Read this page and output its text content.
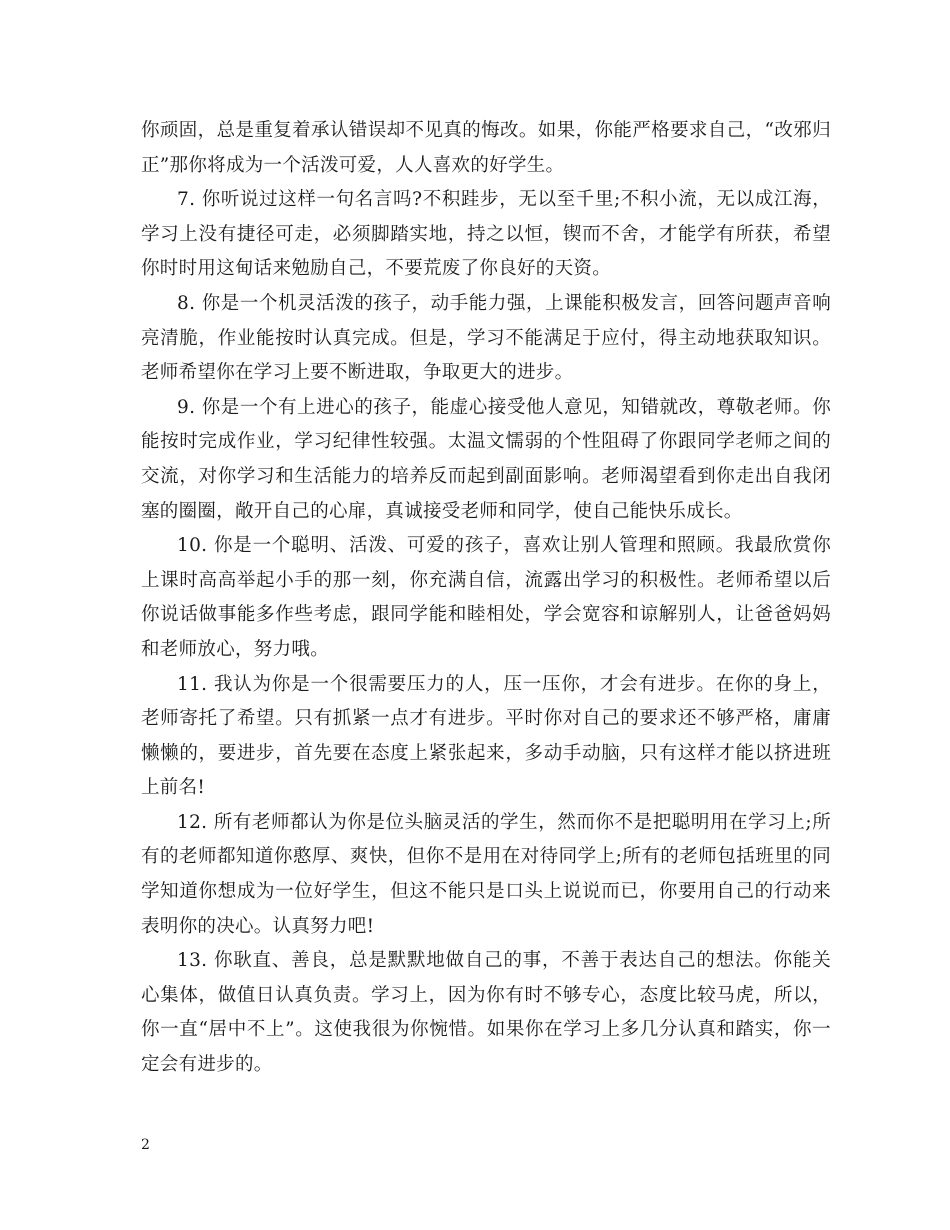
你顽固，总是重复着承认错误却不见真的悔改。如果，你能严格要求自己，“改邪归正”那你将成为一个活泼可爱，人人喜欢的好学生。

7. 你听说过这样一句名言吗?不积跬步，无以至千里;不积小流，无以成江海，学习上没有捷径可走，必须脚踏实地，持之以恒，锲而不舍，才能学有所获，希望你时时用这甸话来勉励自己，不要荒废了你良好的天资。

8. 你是一个机灵活泼的孩子，动手能力强，上课能积极发言，回答问题声音响亮清脆，作业能按时认真完成。但是，学习不能满足于应付，得主动地获取知识。老师希望你在学习上要不断进取，争取更大的进步。

9. 你是一个有上进心的孩子，能虚心接受他人意见，知错就改，尊敬老师。你能按时完成作业，学习纪律性较强。太温文懦弱的个性阻碍了你跟同学老师之间的交流，对你学习和生活能力的培养反而起到副面影响。老师渴望看到你走出自我闭塞的圈圈，敞开自己的心扉，真诚接受老师和同学，使自己能快乐成长。

10. 你是一个聪明、活泼、可爱的孩子，喜欢让别人管理和照顾。我最欣赏你上课时高高举起小手的那一刻，你充满自信，流露出学习的积极性。老师希望以后你说话做事能多作些考虑，跟同学能和睦相处，学会宽容和谅解别人，让爸爸妈妈和老师放心，努力哦。

11. 我认为你是一个很需要压力的人，压一压你，才会有进步。在你的身上，老师寄托了希望。只有抓紧一点才有进步。平时你对自己的要求还不够严格，庸庸懒懒的，要进步，首先要在态度上紧张起来，多动手动脑，只有这样才能以挤进班上前名!

12. 所有老师都认为你是位头脑灵活的学生，然而你不是把聪明用在学习上;所有的老师都知道你憨厚、爽快，但你不是用在对待同学上;所有的老师包括班里的同学知道你想成为一位好学生，但这不能只是口头上说说而已，你要用自己的行动来表明你的决心。认真努力吧!

13. 你耿直、善良，总是默默地做自己的事，不善于表达自己的想法。你能关心集体，做值日认真负责。学习上，因为你有时不够专心，态度比较马虎，所以，你一直“居中不上”。这使我很为你惋惜。如果你在学习上多几分认真和踏实，你一定会有进步的。

2
